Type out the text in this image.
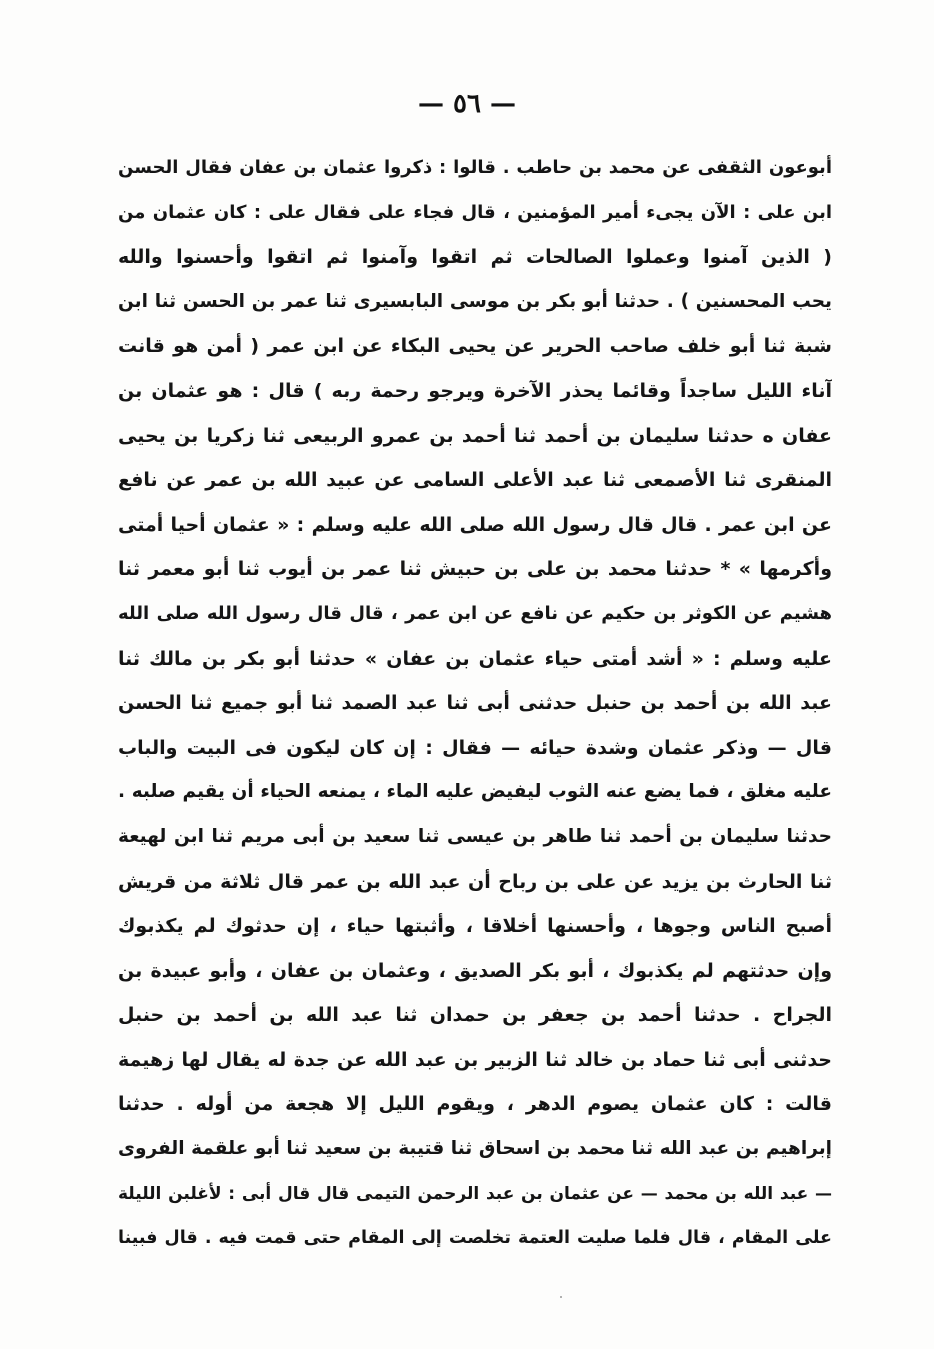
— ٥٦ —
أبوعون الثقفى عن محمد بن حاطب . قالوا : ذكروا عثمان بن عفان فقال الحسن
ابن على : الآن يجىء أمير المؤمنين ، قال فجاء على فقال على : كان عثمان من
( الذين آمنوا وعملوا الصالحات ثم اتقوا وآمنوا ثم اتقوا وأحسنوا والله
يحب المحسنين ) . حدثنا أبو بكر بن موسى البابسيرى ثنا عمر بن الحسن ثنا ابن
شبة ثنا أبو خلف صاحب الحرير عن يحيى البكاء عن ابن عمر ( أمن هو قانت
آناء الليل ساجداً وقائما يحذر الآخرة ويرجو رحمة ربه ) قال : هو عثمان بن
عفان ه حدثنا سليمان بن أحمد ثنا أحمد بن عمرو الربيعى ثنا زكريا بن يحيى
المنقرى ثنا الأصمعى ثنا عبد الأعلى السامى عن عبيد الله بن عمر عن نافع
عن ابن عمر . قال قال رسول الله صلى الله عليه وسلم : « عثمان أحيا أمتى
وأكرمها » * حدثنا محمد بن على بن حبيش ثنا عمر بن أيوب ثنا أبو معمر ثنا
هشيم عن الكوثر بن حكيم عن نافع عن ابن عمر ، قال قال رسول الله صلى الله
عليه وسلم : « أشد أمتى حياء عثمان بن عفان » حدثنا أبو بكر بن مالك ثنا
عبد الله بن أحمد بن حنبل حدثنى أبى ثنا عبد الصمد ثنا أبو جميع ثنا الحسن
قال — وذكر عثمان وشدة حيائه — فقال : إن كان ليكون فى البيت والباب
عليه مغلق ، فما يضع عنه الثوب ليفيض عليه الماء ، يمنعه الحياء أن يقيم صلبه .
حدثنا سليمان بن أحمد ثنا طاهر بن عيسى ثنا سعيد بن أبى مريم ثنا ابن لهيعة
ثنا الحارث بن يزيد عن على بن رباح أن عبد الله بن عمر قال ثلاثة من قريش
أصبح الناس وجوها ، وأحسنها أخلاقا ، وأثبتها حياء ، إن حدثوك لم يكذبوك
وإن حدثتهم لم يكذبوك ، أبو بكر الصديق ، وعثمان بن عفان ، وأبو عبيدة بن
الجراح . حدثنا أحمد بن جعفر بن حمدان ثنا عبد الله بن أحمد بن حنبل
حدثنى أبى ثنا حماد بن خالد ثنا الزبير بن عبد الله عن جدة له يقال لها زهيمة
قالت : كان عثمان يصوم الدهر ، ويقوم الليل إلا هجعة من أوله . حدثنا
إبراهيم بن عبد الله ثنا محمد بن اسحاق ثنا قتيبة بن سعيد ثنا أبو علقمة الفروى
— عبد الله بن محمد — عن عثمان بن عبد الرحمن التيمى قال قال أبى : لأغلبن الليلة
على المقام ، قال فلما صليت العتمة تخلصت إلى المقام حتى قمت فيه . قال فبينا
